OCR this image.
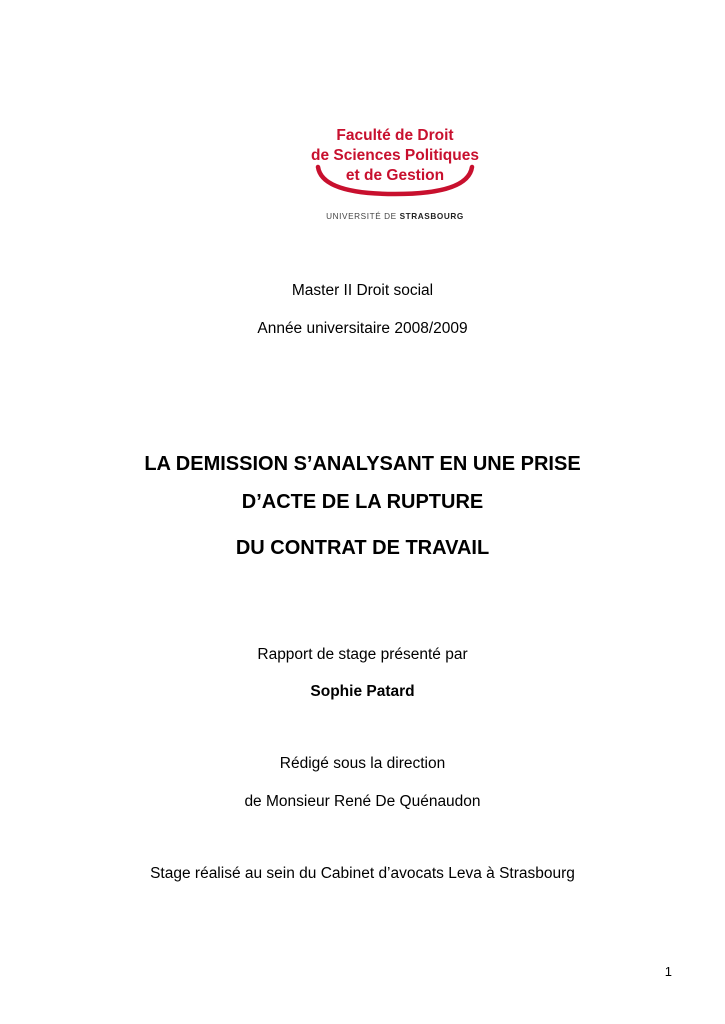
Faculté de Droit
de Sciences Politiques
et de Gestion
UNIVERSITÉ DE STRASBOURG
Master II Droit social
Année universitaire 2008/2009
LA DEMISSION S’ANALYSANT EN UNE PRISE
D’ACTE DE LA RUPTURE
DU CONTRAT DE TRAVAIL
Rapport de stage présenté par
Sophie Patard
Rédigé sous la direction
de Monsieur René De Quénaudon
Stage réalisé au sein du Cabinet d’avocats Leva à Strasbourg
1
